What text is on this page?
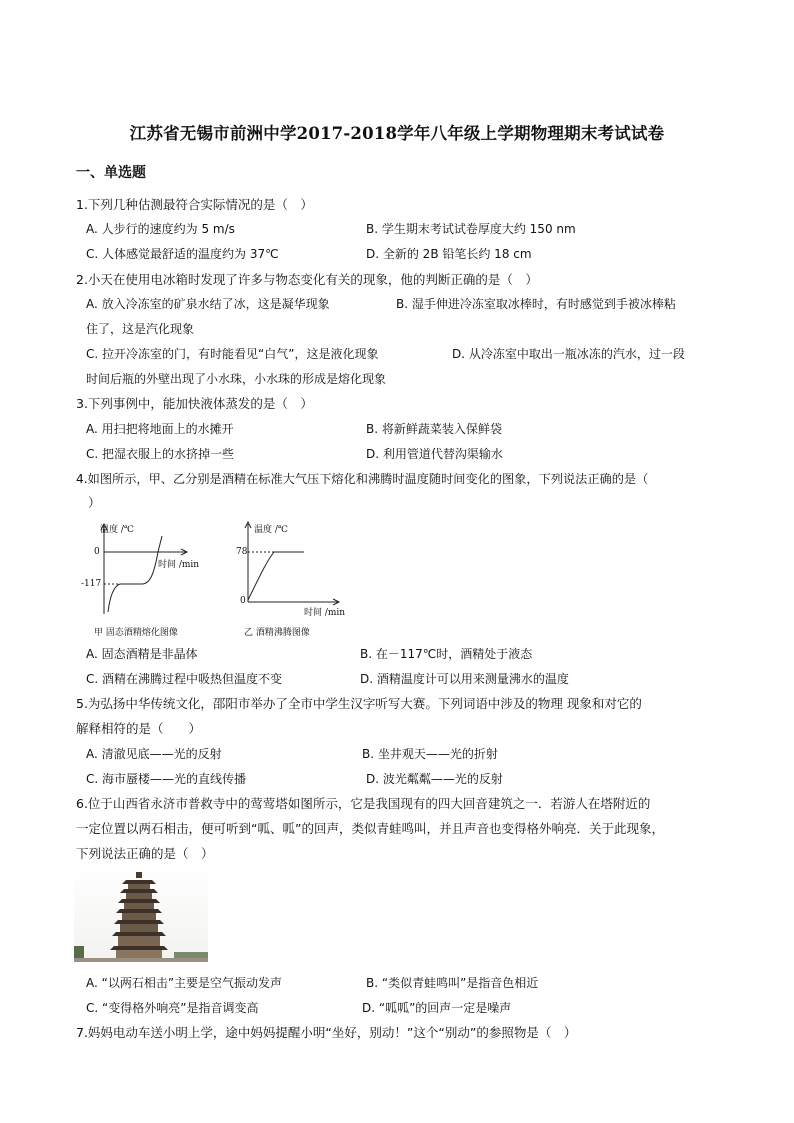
江苏省无锡市前洲中学2017-2018学年八年级上学期物理期末考试试卷
一、单选题
1.下列几种估测最符合实际情况的是（　）
A. 人步行的速度约为 5 m/s	B. 学生期末考试试卷厚度大约 150 nm
C. 人体感觉最舒适的温度约为 37℃	D. 全新的 2B 铅笔长约 18 cm
2.小天在使用电冰箱时发现了许多与物态变化有关的现象，他的判断正确的是（　）
A. 放入冷冻室的矿泉水结了冰，这是凝华现象	B. 湿手伸进冷冻室取冰棒时，有时感觉到手被冰棒粘
住了，这是汽化现象
C. 拉开冷冻室的门，有时能看见“白气”，这是液化现象	D. 从冷冻室中取出一瓶冰冻的汽水，过一段
时间后瓶的外壁出现了小水珠，小水珠的形成是熔化现象
3.下列事例中，能加快液体蒸发的是（　）
A. 用扫把将地面上的水摊开	B. 将新鲜蔬菜装入保鲜袋
C. 把湿衣服上的水挤掉一些	D. 利用管道代替沟渠输水
4.如图所示，甲、乙分别是酒精在标准大气压下熔化和沸腾时温度随时间变化的图象，下列说法正确的是（
）
温度 /℃
0
-117
时间 /min
甲 固态酒精熔化图像
温度 /℃
78
0
时间 /min
乙 酒精沸腾图像
A. 固态酒精是非晶体	B. 在－117℃时，酒精处于液态
C. 酒精在沸腾过程中吸热但温度不变	D. 酒精温度计可以用来测量沸水的温度
5.为弘扬中华传统文化，邵阳市举办了全市中学生汉字听写大赛。下列词语中涉及的物理 现象和对它的
解释相符的是（　　）
A. 清澈见底——光的反射	B. 坐井观天——光的折射
C. 海市蜃楼——光的直线传播	D. 波光粼粼——光的反射
6.位于山西省永济市普救寺中的莺莺塔如图所示，它是我国现有的四大回音建筑之一．若游人在塔附近的
一定位置以两石相击，便可听到“呱、呱”的回声，类似青蛙鸣叫，并且声音也变得格外响亮．关于此现象，
下列说法正确的是（　）
A. “以两石相击”主要是空气振动发声	B. “类似青蛙鸣叫”是指音色相近
C. “变得格外响亮”是指音调变高	D. “呱呱”的回声一定是噪声
7.妈妈电动车送小明上学，途中妈妈提醒小明“坐好，别动！”这个“别动”的参照物是（　）
